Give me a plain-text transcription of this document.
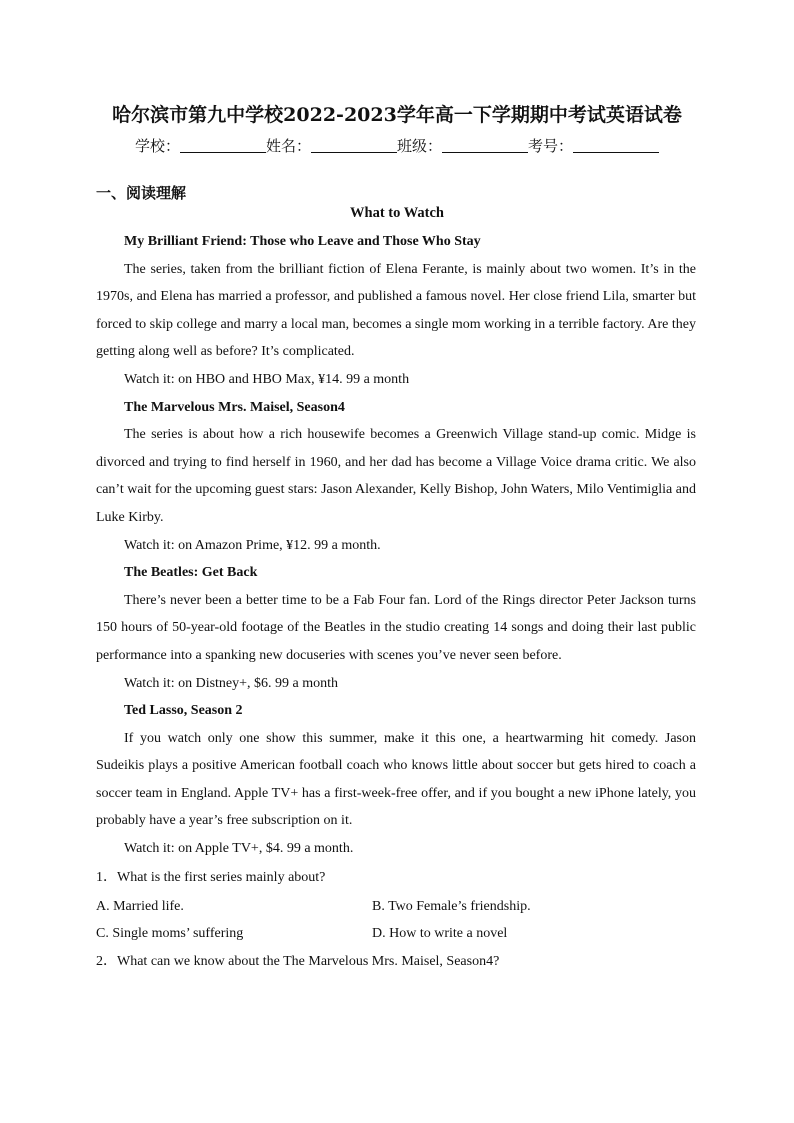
哈尔滨市第九中学校2022-2023学年高一下学期期中考试英语试卷
学校：	姓名：	班级：	考号：
一、阅读理解
What to Watch

My Brilliant Friend: Those who Leave and Those Who Stay

The series, taken from the brilliant fiction of Elena Ferante, is mainly about two women. It’s in the 1970s, and Elena has married a professor, and published a famous novel. Her close friend Lila, smarter but forced to skip college and marry a local man, becomes a single mom working in a terrible factory. Are they getting along well as before? It’s complicated.

Watch it: on HBO and HBO Max, ¥14. 99 a month

The Marvelous Mrs. Maisel, Season4

The series is about how a rich housewife becomes a Greenwich Village stand-up comic. Midge is divorced and trying to find herself in 1960, and her dad has become a Village Voice drama critic. We also can’t wait for the upcoming guest stars: Jason Alexander, Kelly Bishop, John Waters, Milo Ventimiglia and Luke Kirby.

Watch it: on Amazon Prime, ¥12. 99 a month.

The Beatles: Get Back

There’s never been a better time to be a Fab Four fan. Lord of the Rings director Peter Jackson turns 150 hours of 50-year-old footage of the Beatles in the studio creating 14 songs and doing their last public performance into a spanking new docuseries with scenes you’ve never seen before.

Watch it: on Distney+, $6. 99 a month

Ted Lasso, Season 2

If you watch only one show this summer, make it this one, a heartwarming hit comedy. Jason Sudeikis plays a positive American football coach who knows little about soccer but gets hired to coach a soccer team in England. Apple TV+ has a first-week-free offer, and if you bought a new iPhone lately, you probably have a year’s free subscription on it.

Watch it: on Apple TV+, $4. 99 a month.

1．What is the first series mainly about?

A. Married life.	B. Two Female’s friendship.
C. Single moms’ suffering	D. How to write a novel

2．What can we know about the The Marvelous Mrs. Maisel, Season4?
